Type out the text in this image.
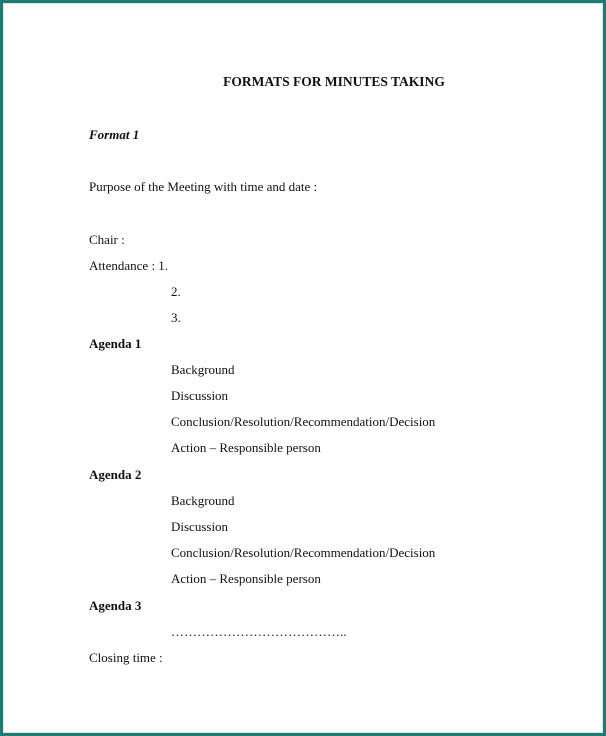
FORMATS FOR MINUTES TAKING
Format 1
Purpose of the Meeting with time and date :
Chair :
Attendance : 1.
2.
3.
Agenda 1
Background
Discussion
Conclusion/Resolution/Recommendation/Decision
Action – Responsible person
Agenda 2
Background
Discussion
Conclusion/Resolution/Recommendation/Decision
Action – Responsible person
Agenda 3
…………………………………..
Closing time :
